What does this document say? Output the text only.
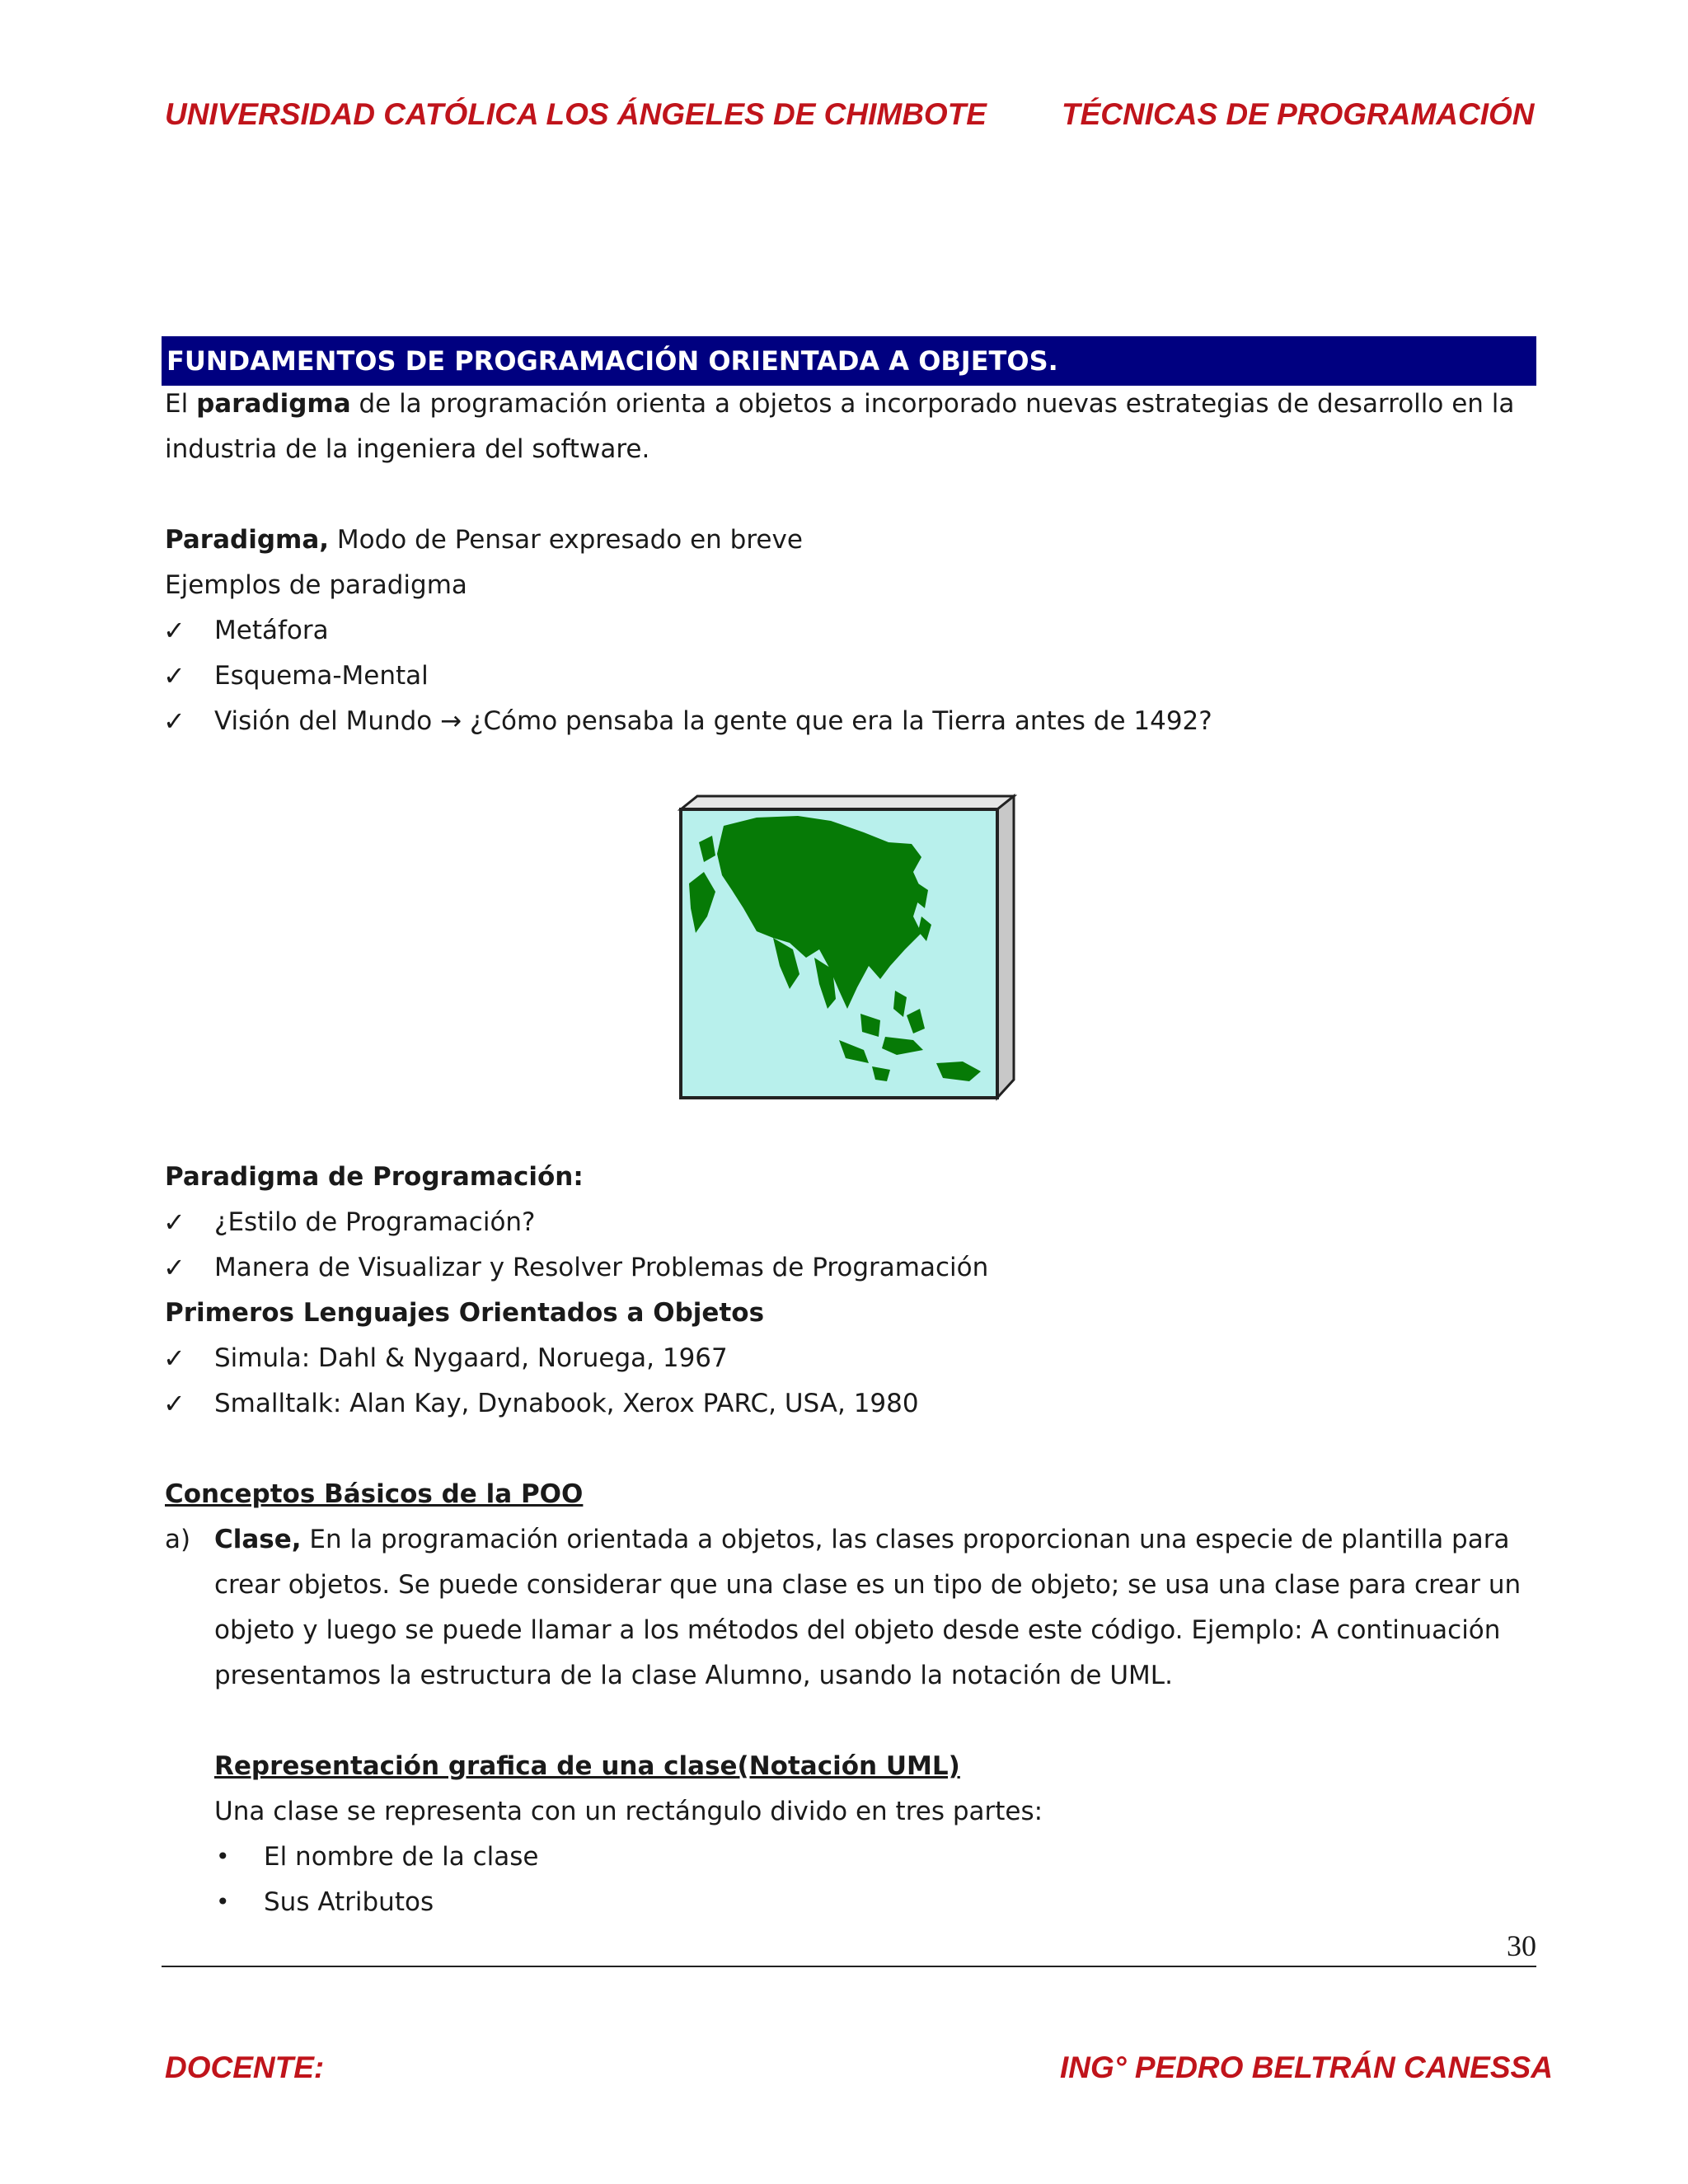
UNIVERSIDAD CATÓLICA LOS ÁNGELES DE CHIMBOTE TÉCNICAS DE PROGRAMACIÓN
FUNDAMENTOS DE PROGRAMACIÓN ORIENTADA A OBJETOS.
El paradigma de la programación orienta a objetos a incorporado nuevas estrategias de desarrollo en la
industria de la ingeniera del software.
Paradigma, Modo de Pensar expresado en breve
Ejemplos de paradigma
✓ Metáfora
✓ Esquema-Mental
✓ Visión del Mundo → ¿Cómo pensaba la gente que era la Tierra antes de 1492?
Paradigma de Programación:
✓ ¿Estilo de Programación?
✓ Manera de Visualizar y Resolver Problemas de Programación
Primeros Lenguajes Orientados a Objetos
✓ Simula: Dahl & Nygaard, Noruega, 1967
✓ Smalltalk: Alan Kay, Dynabook, Xerox PARC, USA, 1980
Conceptos Básicos de la POO
a) Clase, En la programación orientada a objetos, las clases proporcionan una especie de plantilla para
crear objetos. Se puede considerar que una clase es un tipo de objeto; se usa una clase para crear un
objeto y luego se puede llamar a los métodos del objeto desde este código. Ejemplo: A continuación
presentamos la estructura de la clase Alumno, usando la notación de UML.
Representación grafica de una clase(Notación UML)
Una clase se representa con un rectángulo divido en tres partes:
• El nombre de la clase
• Sus Atributos
30
DOCENTE:	ING° PEDRO BELTRÁN CANESSA
